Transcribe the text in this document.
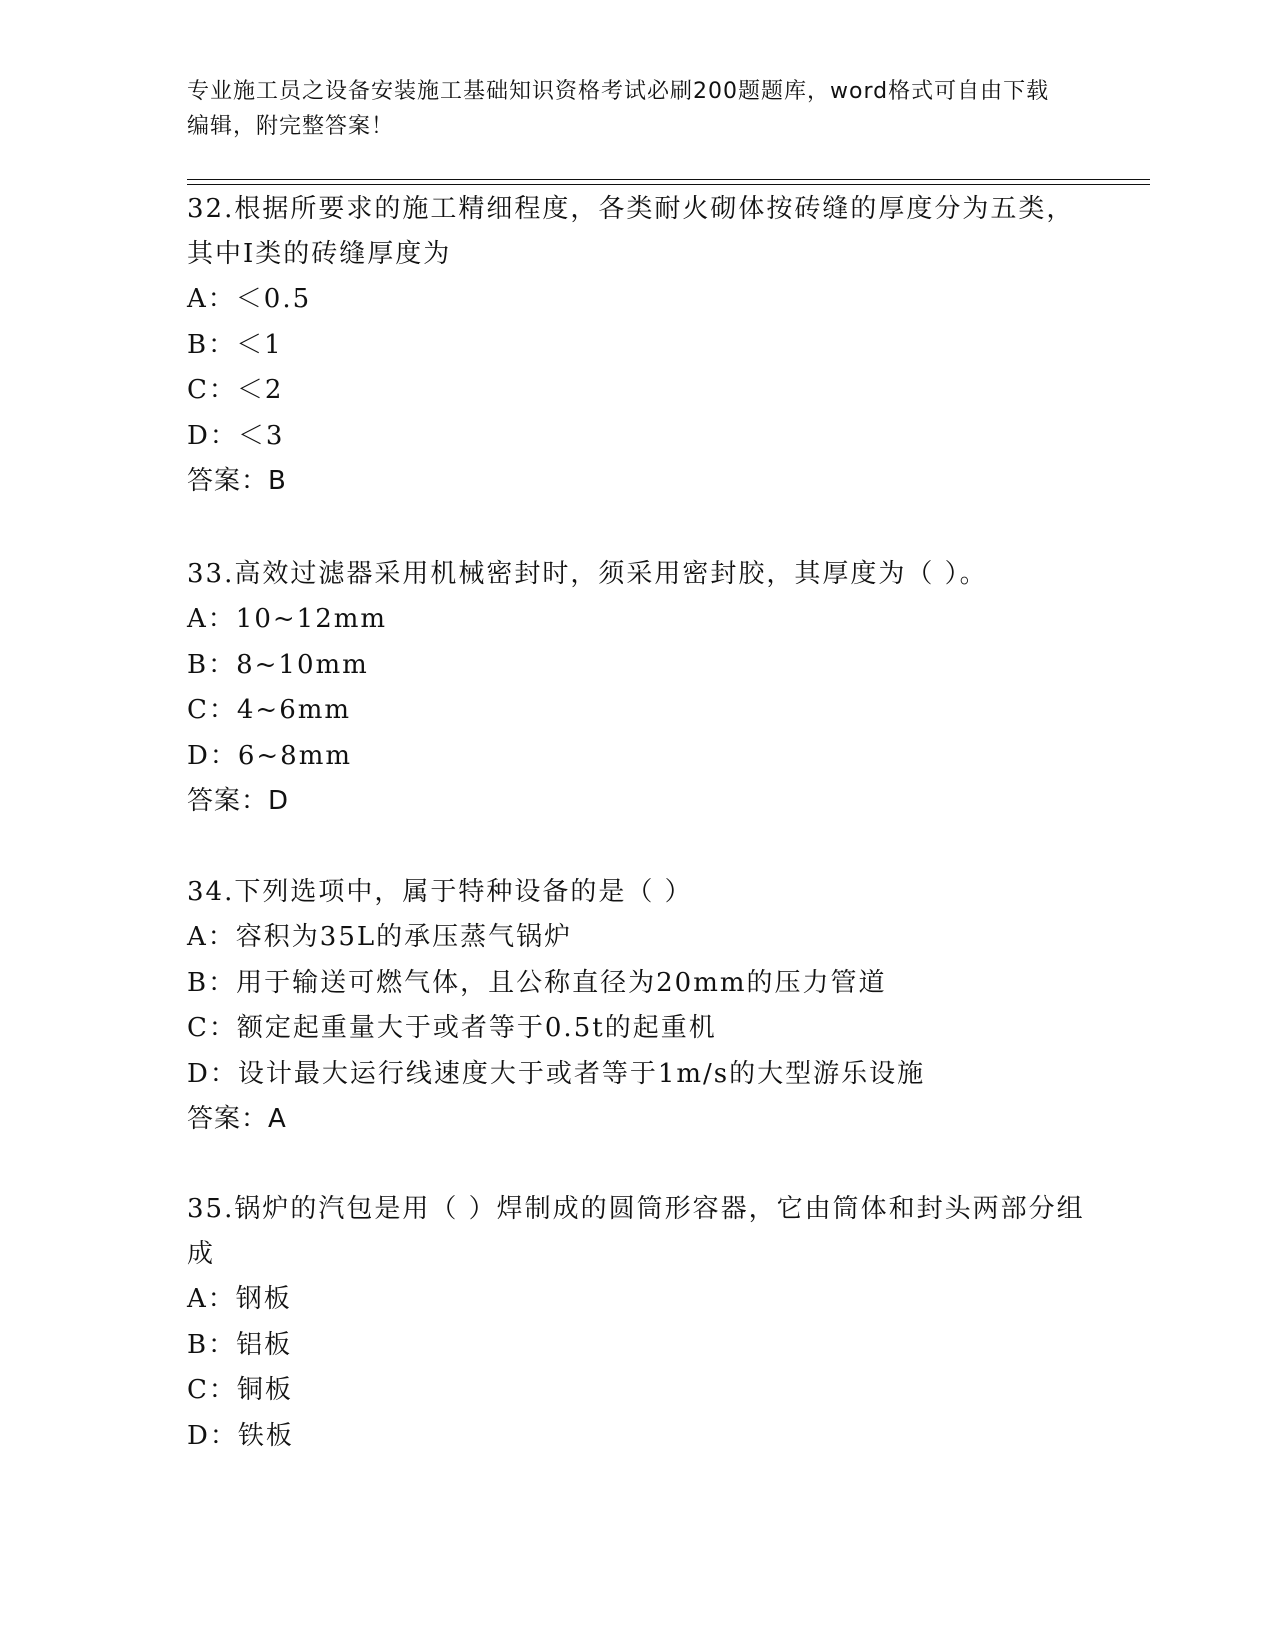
专业施工员之设备安装施工基础知识资格考试必刷200题题库，word格式可自由下载编辑，附完整答案！
32.根据所要求的施工精细程度，各类耐火砌体按砖缝的厚度分为五类，其中Ⅰ类的砖缝厚度为
A：＜0.5
B：＜1
C：＜2
D：＜3
答案：B
33.高效过滤器采用机械密封时，须采用密封胶，其厚度为（ ）。
A：10~12mm
B：8~10mm
C：4~6mm
D：6~8mm
答案：D
34.下列选项中，属于特种设备的是（ ）
A：容积为35L的承压蒸气锅炉
B：用于输送可燃气体，且公称直径为20mm的压力管道
C：额定起重量大于或者等于0.5t的起重机
D：设计最大运行线速度大于或者等于1m/s的大型游乐设施
答案：A
35.锅炉的汽包是用（ ）焊制成的圆筒形容器，它由筒体和封头两部分组成
A：钢板
B：铝板
C：铜板
D：铁板
